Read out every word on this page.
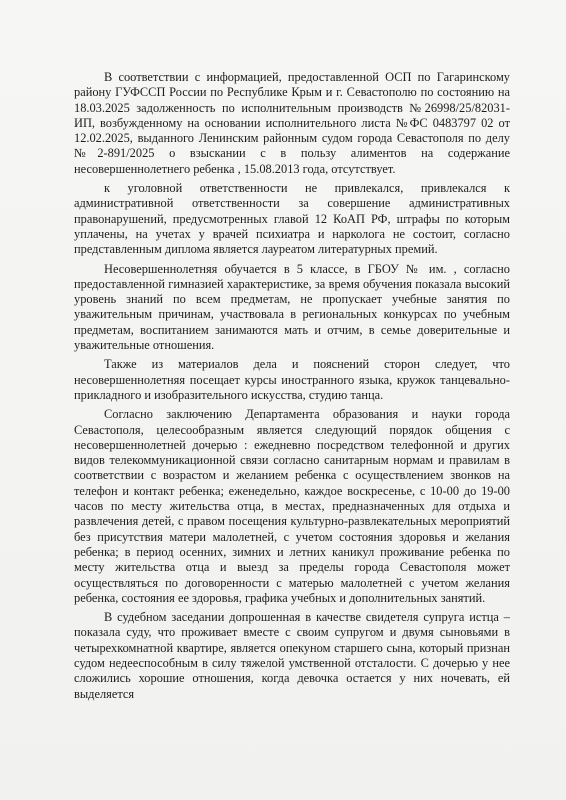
В соответствии с информацией, предоставленной ОСП по Гагаринскому району ГУФССП России по Республике Крым и г. Севастополю по состоянию на 18.03.2025 задолженность по исполнительным производств №26998/25/82031-ИП, возбужденному на основании исполнительного листа №ФС 0483797 02 от 12.02.2025, выданного Ленинским районным судом города Севастополя по делу №2-891/2025 о взыскании с в пользу алиментов на содержание несовершеннолетнего ребенка , 15.08.2013 года, отсутствует.

к уголовной ответственности не привлекался, привлекался к административной ответственности за совершение административных правонарушений, предусмотренных главой 12 КоАП РФ, штрафы по которым уплачены, на учетах у врачей психиатра и нарколога не состоит, согласно представленным диплома является лауреатом литературных премий.

Несовершеннолетняя обучается в 5 классе, в ГБОУ № им. , согласно предоставленной гимназией характеристике, за время обучения показала высокий уровень знаний по всем предметам, не пропускает учебные занятия по уважительным причинам, участвовала в региональных конкурсах по учебным предметам, воспитанием занимаются мать и отчим, в семье доверительные и уважительные отношения.

Также из материалов дела и пояснений сторон следует, что несовершеннолетняя посещает курсы иностранного языка, кружок танцевально-прикладного и изобразительного искусства, студию танца.

Согласно заключению Департамента образования и науки города Севастополя, целесообразным является следующий порядок общения с несовершеннолетней дочерью : ежедневно посредством телефонной и других видов телекоммуникационной связи согласно санитарным нормам и правилам в соответствии с возрастом и желанием ребенка с осуществлением звонков на телефон и контакт ребенка; еженедельно, каждое воскресенье, с 10-00 до 19-00 часов по месту жительства отца, в местах, предназначенных для отдыха и развлечения детей, с правом посещения культурно-развлекательных мероприятий без присутствия матери малолетней, с учетом состояния здоровья и желания ребенка; в период осенних, зимних и летних каникул проживание ребенка по месту жительства отца и выезд за пределы города Севастополя может осуществляться по договоренности с матерью малолетней с учетом желания ребенка, состояния ее здоровья, графика учебных и дополнительных занятий.

В судебном заседании допрошенная в качестве свидетеля супруга истца – показала суду, что проживает вместе с своим супругом и двумя сыновьями в четырехкомнатной квартире, является опекуном старшего сына, который признан судом недееспособным в силу тяжелой умственной отсталости. С дочерью у нее сложились хорошие отношения, когда девочка остается у них ночевать, ей выделяется
